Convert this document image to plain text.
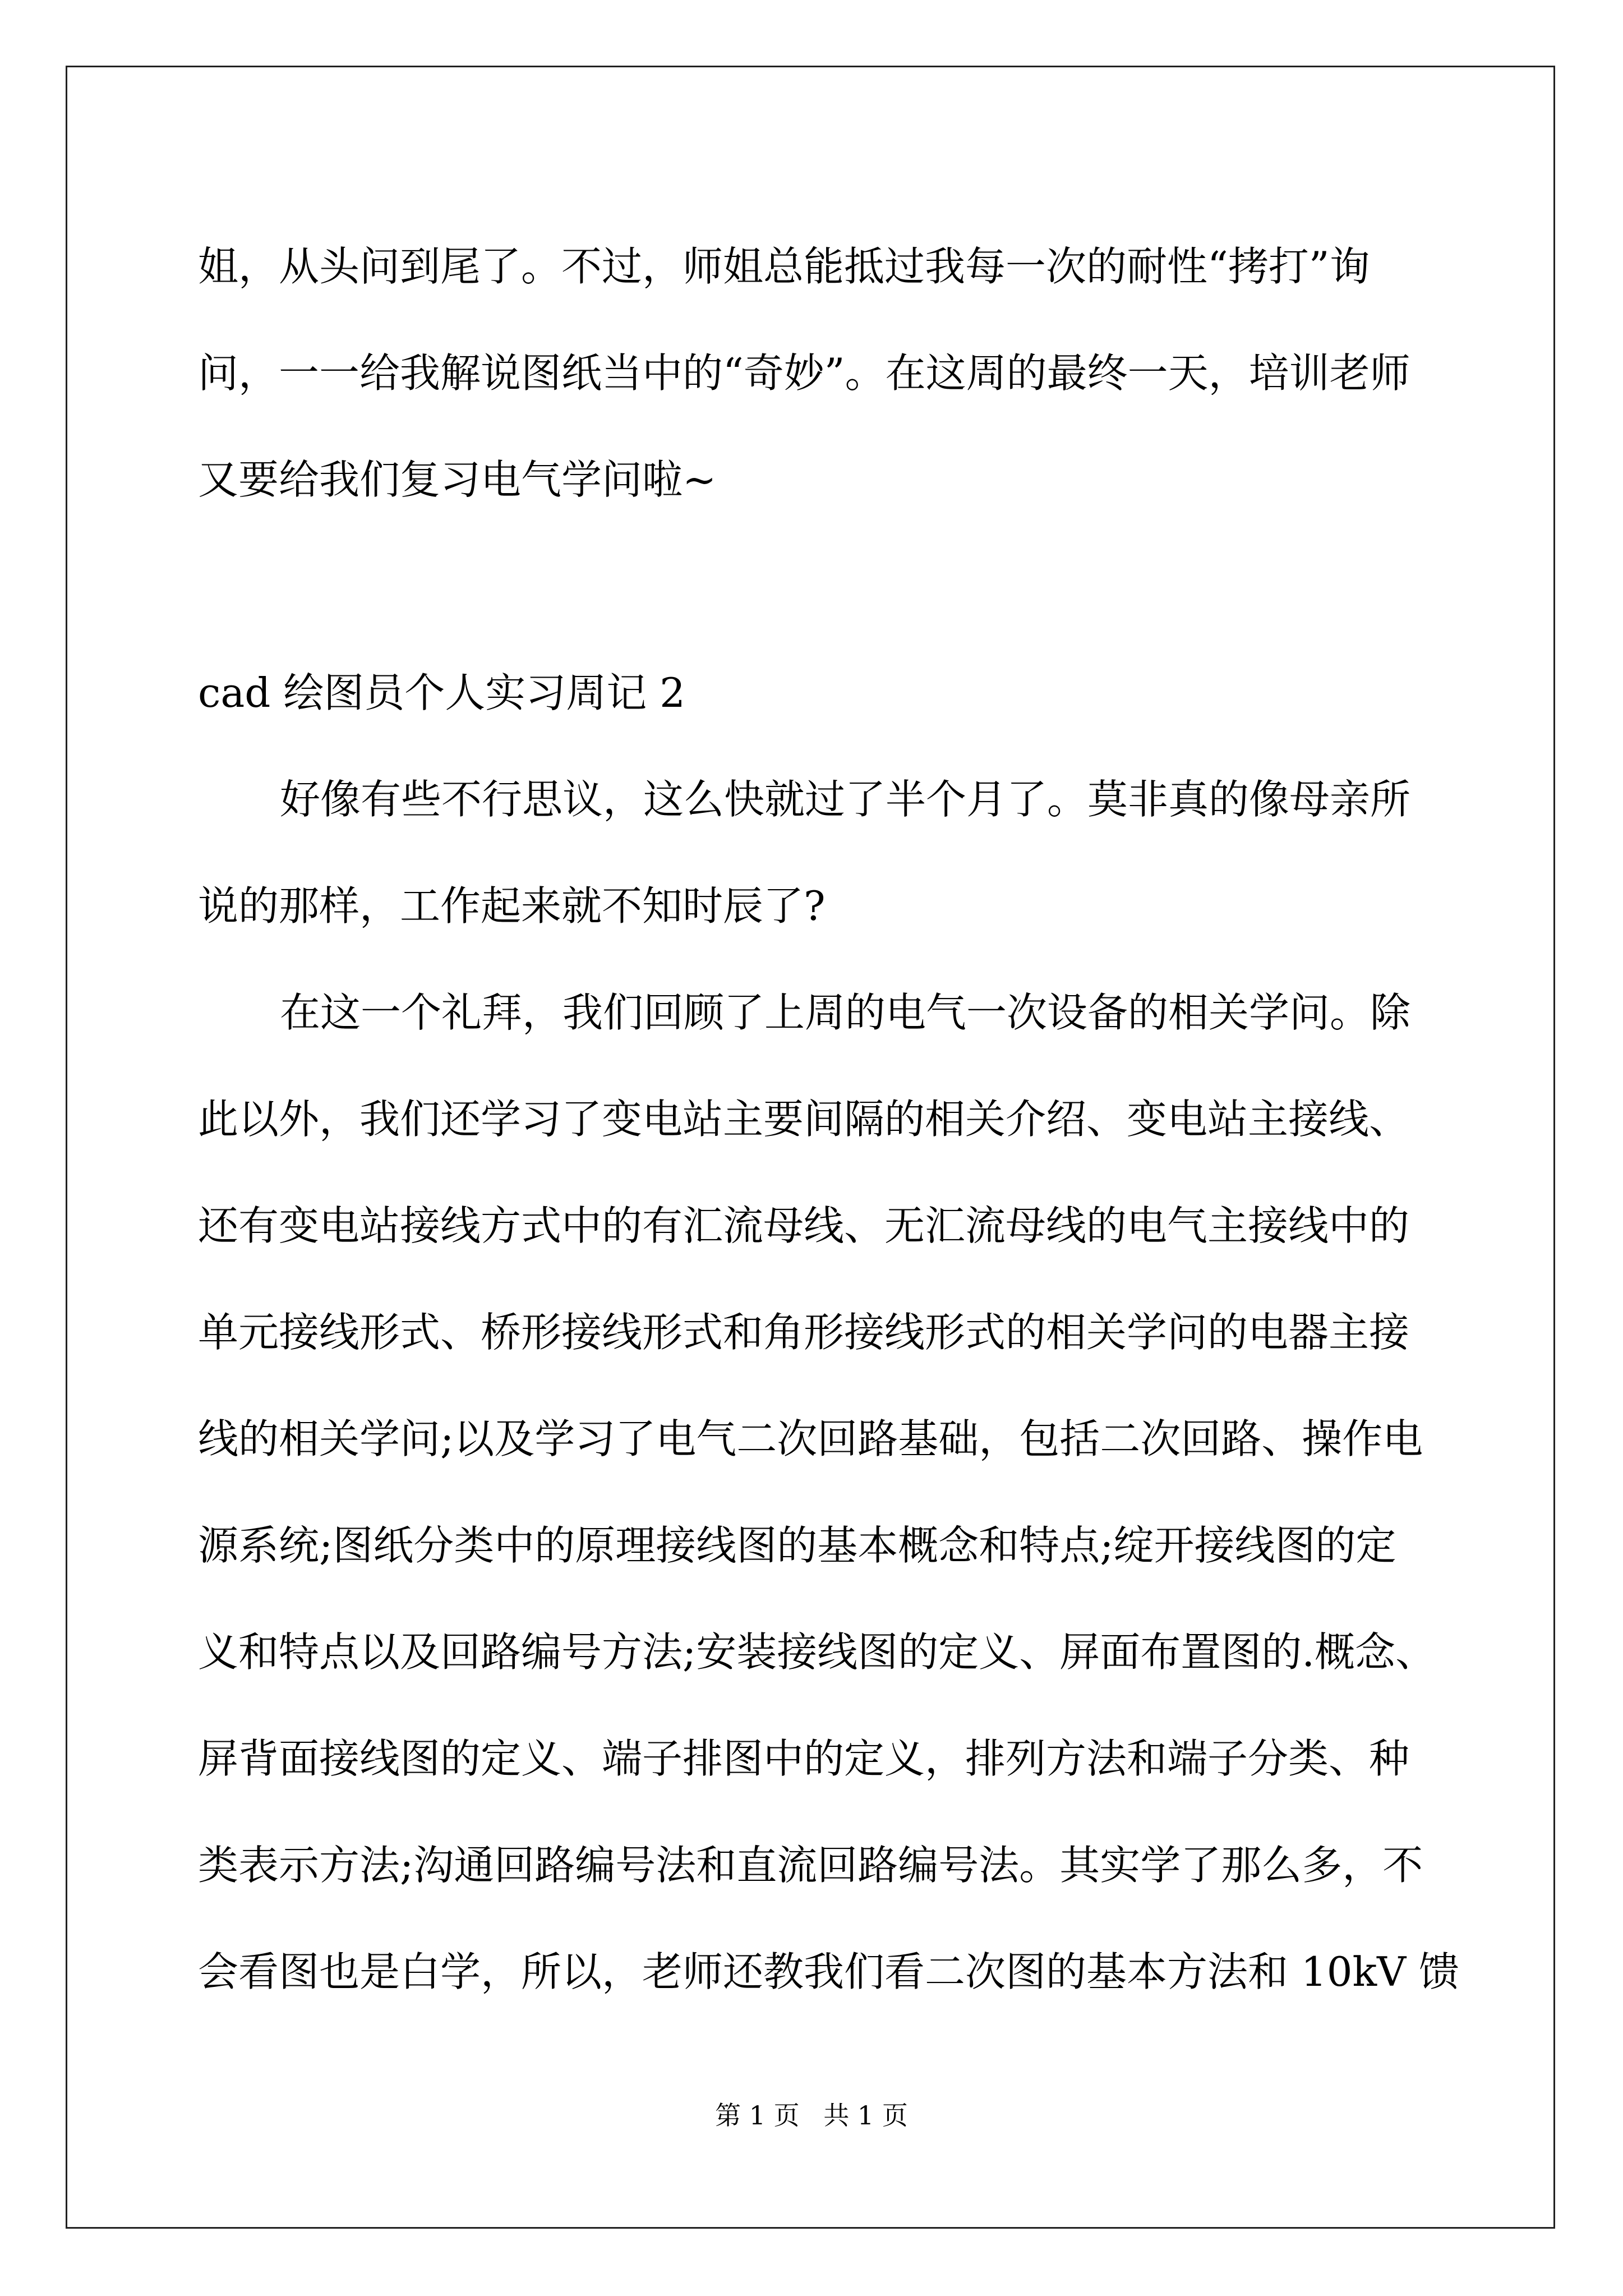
姐，从头问到尾了。不过，师姐总能抵过我每一次的耐性“拷打”询

问，一一给我解说图纸当中的“奇妙”。在这周的最终一天，培训老师

又要给我们复习电气学问啦~

cad 绘图员个人实习周记 2

好像有些不行思议，这么快就过了半个月了。莫非真的像母亲所

说的那样，工作起来就不知时辰了?

在这一个礼拜，我们回顾了上周的电气一次设备的相关学问。除

此以外，我们还学习了变电站主要间隔的相关介绍、变电站主接线、

还有变电站接线方式中的有汇流母线、无汇流母线的电气主接线中的

单元接线形式、桥形接线形式和角形接线形式的相关学问的电器主接

线的相关学问;以及学习了电气二次回路基础，包括二次回路、操作电

源系统;图纸分类中的原理接线图的基本概念和特点;绽开接线图的定

义和特点以及回路编号方法;安装接线图的定义、屏面布置图的.概念、

屏背面接线图的定义、端子排图中的定义，排列方法和端子分类、种

类表示方法;沟通回路编号法和直流回路编号法。其实学了那么多，不

会看图也是白学，所以，老师还教我们看二次图的基本方法和 10kV 馈

第 1 页 共 1 页
